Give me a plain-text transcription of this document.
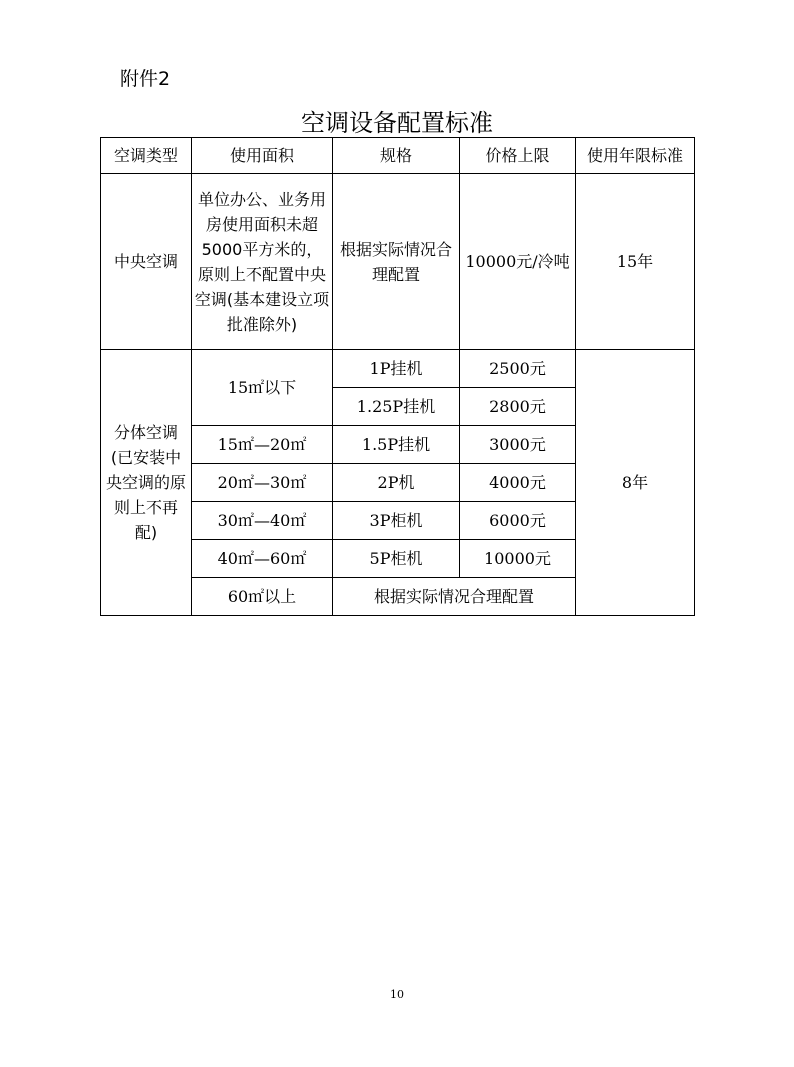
附件2
空调设备配置标准
空调类型	使用面积	规格	价格上限	使用年限标准
中央空调	单位办公、业务用房使用面积未超5000平方米的，原则上不配置中央空调(基本建设立项批准除外)	根据实际情况合理配置	10000元/冷吨	15年
分体空调(已安装中央空调的原则上不再配)	15㎡以下	1P挂机	2500元	8年
		1.25P挂机	2800元	
	15㎡—20㎡	1.5P挂机	3000元	
	20㎡—30㎡	2P机	4000元	
	30㎡—40㎡	3P柜机	6000元	
	40㎡—60㎡	5P柜机	10000元	
	60㎡以上	根据实际情况合理配置		
10
